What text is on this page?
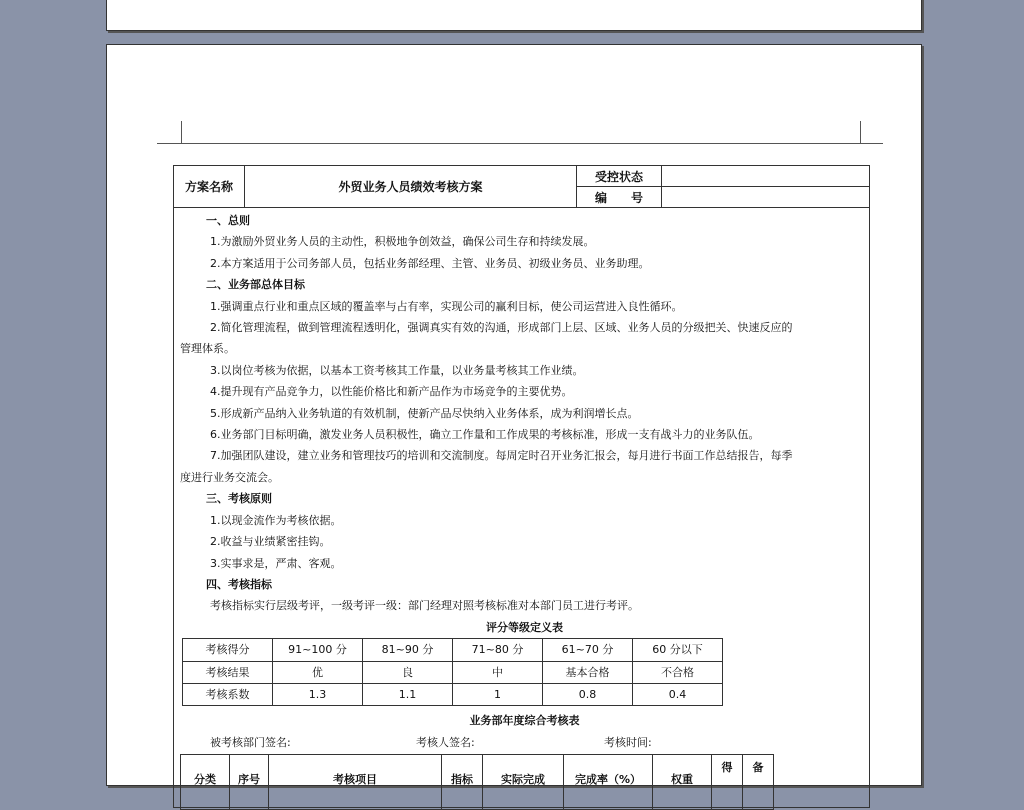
方案名称	外贸业务人员绩效考核方案	受控状态	
		编　　号	

一、总则

1.为激励外贸业务人员的主动性，积极地争创效益，确保公司生存和持续发展。

2.本方案适用于公司务部人员，包括业务部经理、主管、业务员、初级业务员、业务助理。

二、业务部总体目标

1.强调重点行业和重点区域的覆盖率与占有率，实现公司的赢利目标，使公司运营进入良性循环。

2.简化管理流程，做到管理流程透明化，强调真实有效的沟通，形成部门上层、区域、业务人员的分级把关、快速反应的

管理体系。

3.以岗位考核为依据，以基本工资考核其工作量，以业务量考核其工作业绩。

4.提升现有产品竞争力，以性能价格比和新产品作为市场竞争的主要优势。

5.形成新产品纳入业务轨道的有效机制，使新产品尽快纳入业务体系，成为利润增长点。

6.业务部门目标明确，激发业务人员积极性，确立工作量和工作成果的考核标准，形成一支有战斗力的业务队伍。

7.加强团队建设，建立业务和管理技巧的培训和交流制度。每周定时召开业务汇报会，每月进行书面工作总结报告，每季

度进行业务交流会。

三、考核原则

1.以现金流作为考核依据。

2.收益与业绩紧密挂钩。

3.实事求是，严肃、客观。

四、考核指标

考核指标实行层级考评，一级考评一级：部门经理对照考核标准对本部门员工进行考评。

评分等级定义表
考核得分	91~100 分	81~90 分	71~80 分	61~70 分	60 分以下
考核结果	优	良	中	基本合格	不合格
考核系数	1.3	1.1	1	0.8	0.4
业务部年度综合考核表
被考核部门签名:	考核人签名:	考核时间:
分类	序号	考核项目	指标	实际完成	完成率（%）	权重	得	备
